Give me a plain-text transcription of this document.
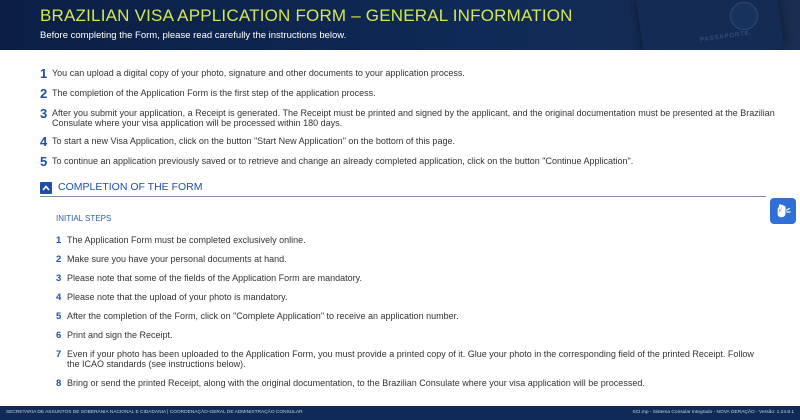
PASSAPORTE
BRAZILIAN VISA APPLICATION FORM – GENERAL INFORMATION
Before completing the Form, please read carefully the instructions below.
1 You can upload a digital copy of your photo, signature and other documents to your application process.
2 The completion of the Application Form is the first step of the application process.
3 After you submit your application, a Receipt is generated. The Receipt must be printed and signed by the applicant, and the original documentation must be presented at the Brazilian Consulate where your visa application will be processed within 180 days.
4 To start a new Visa Application, click on the button "Start New Application" on the bottom of this page.
5 To continue an application previously saved or to retrieve and change an already completed application, click on the button "Continue Application".
COMPLETION OF THE FORM
INITIAL STEPS
1 The Application Form must be completed exclusively online.
2 Make sure you have your personal documents at hand.
3 Please note that some of the fields of the Application Form are mandatory.
4 Please note that the upload of your photo is mandatory.
5 After the completion of the Form, click on "Complete Application" to receive an application number.
6 Print and sign the Receipt.
7 Even if your photo has been uploaded to the Application Form, you must provide a printed copy of it. Glue your photo in the corresponding field of the printed Receipt. Follow the ICAO standards (see instructions below).
8 Bring or send the printed Receipt, along with the original documentation, to the Brazilian Consulate where your visa application will be processed.
SECRETARIA DE ASSUNTOS DE SOBERANIA NACIONAL E CIDADANIA | COORDENAÇÃO-GERAL DE ADMINISTRAÇÃO CONSULAR	SCI.mp - Sistema Consular Integrado - NOVA GERAÇÃO - Versão: 1.24.8.1
